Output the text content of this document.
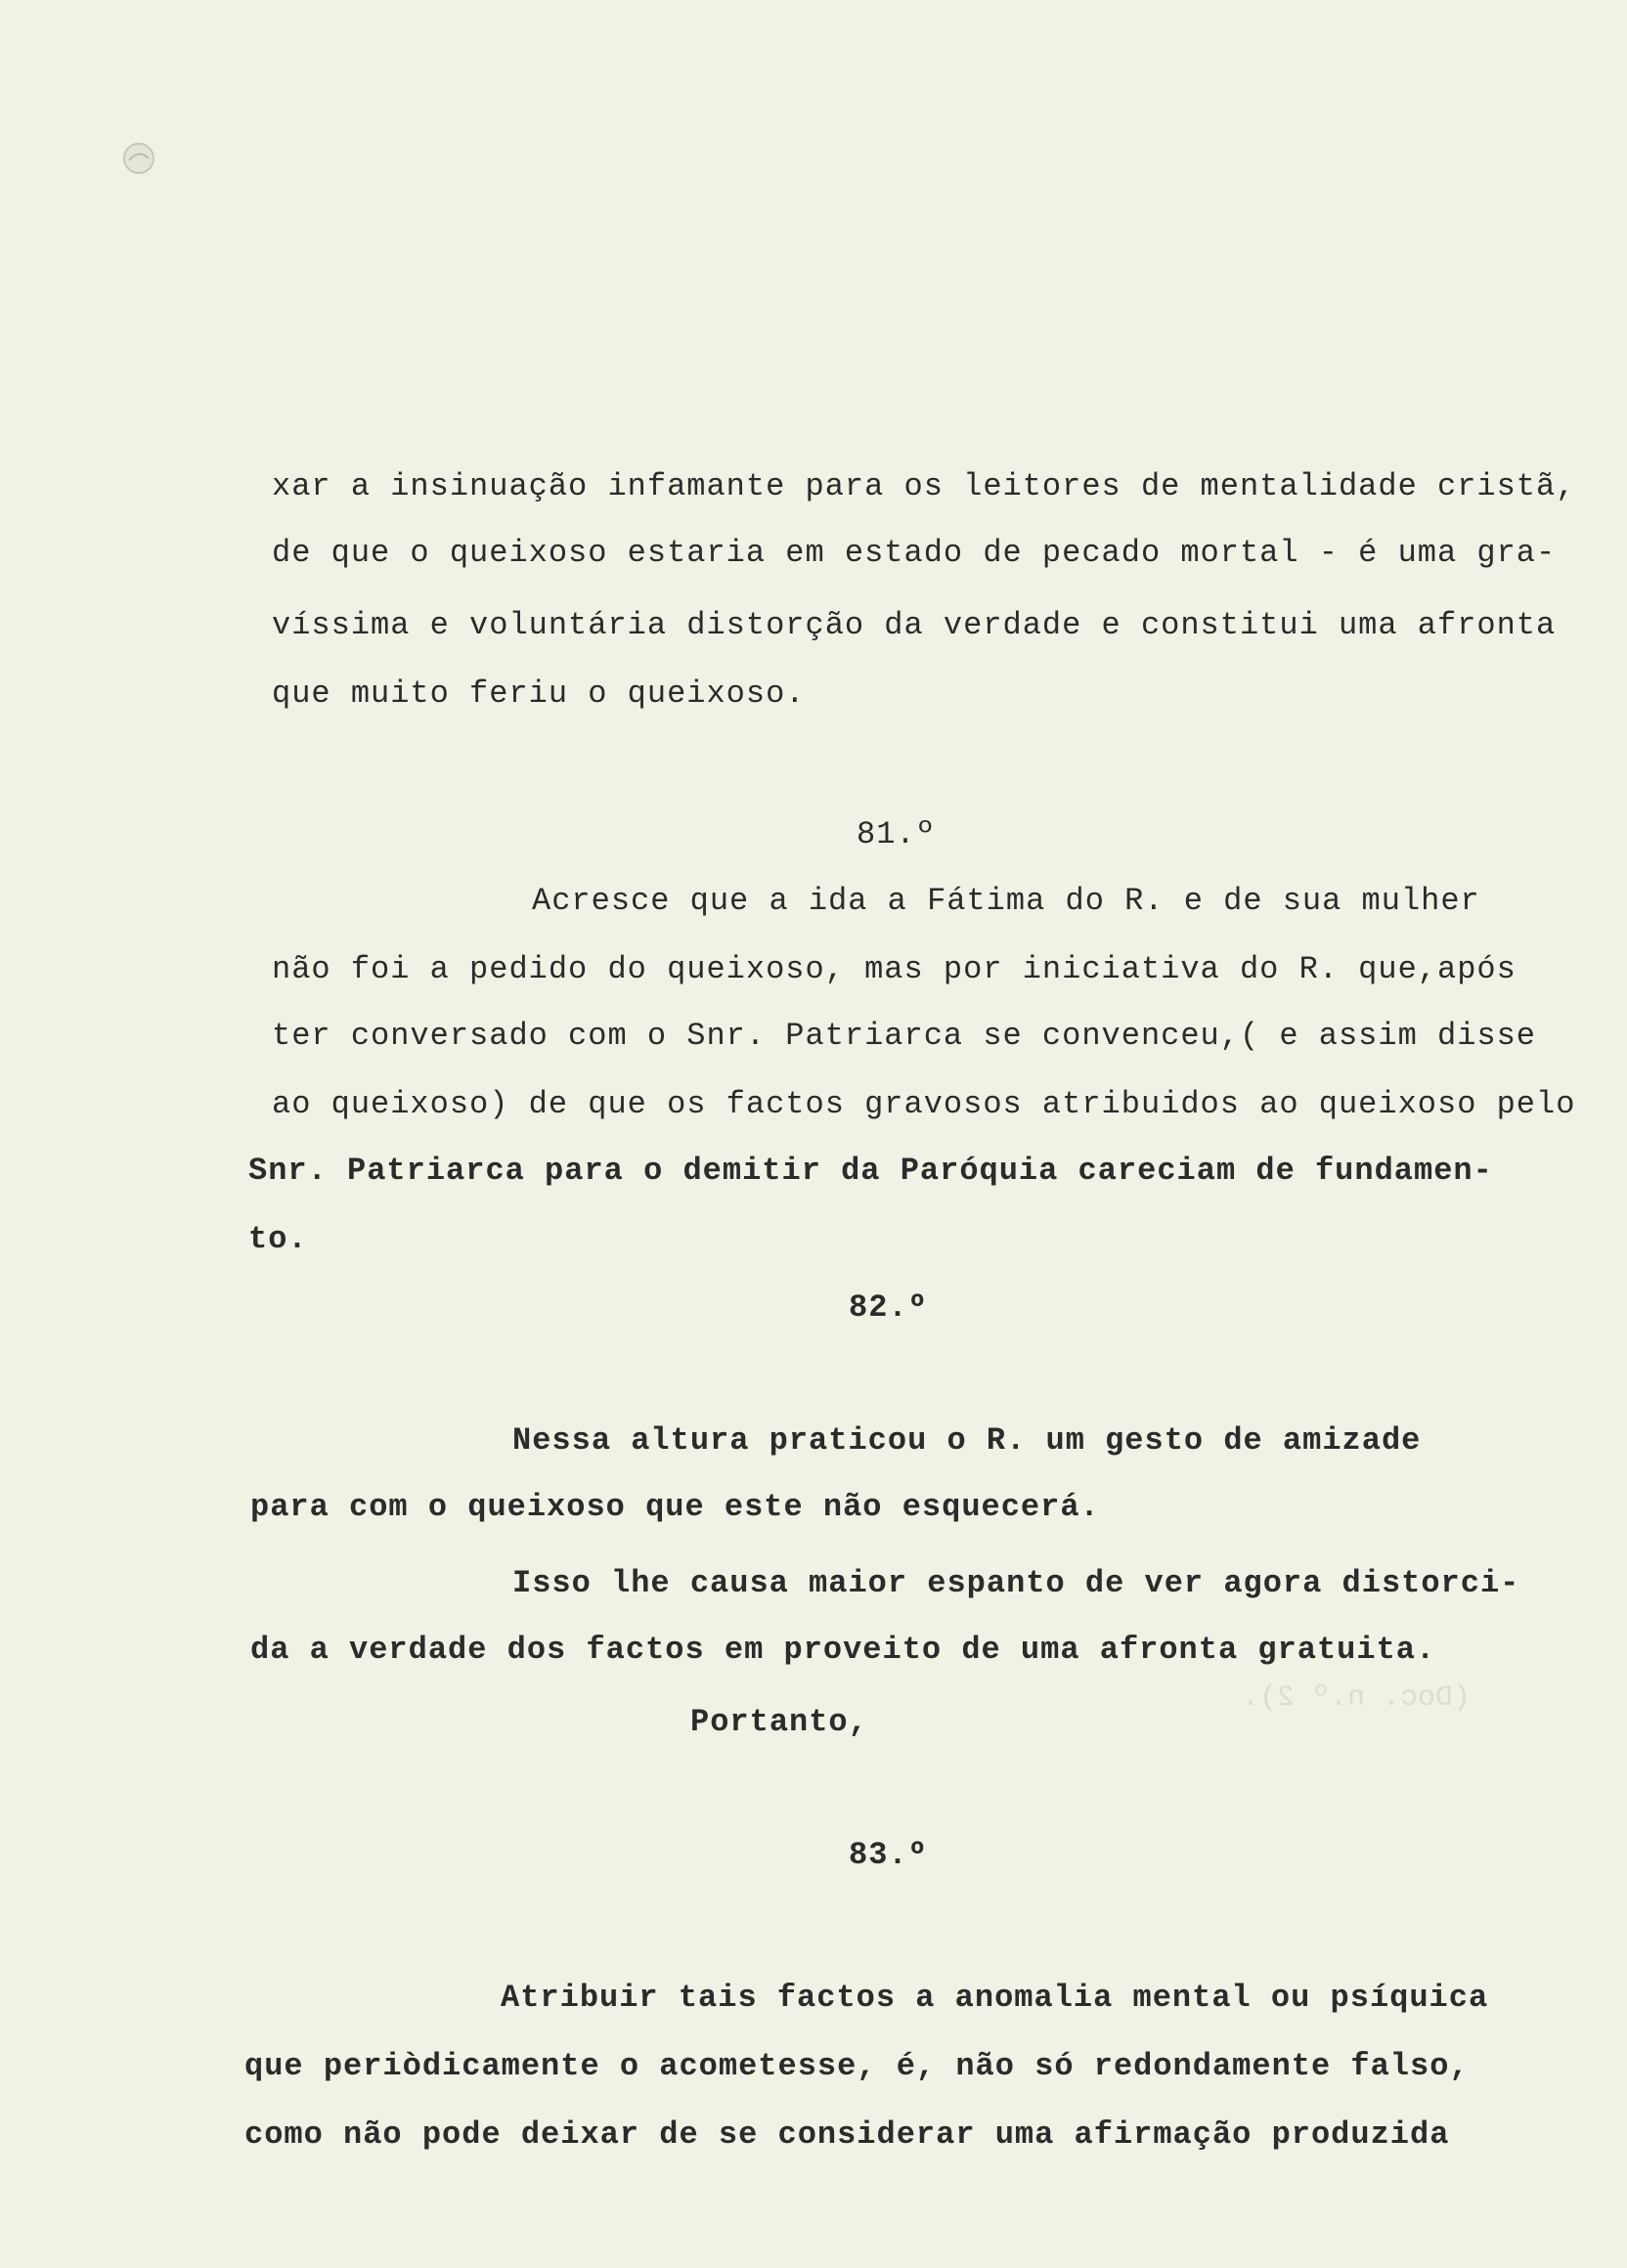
(Doc. n.º 2).
xar a insinuação infamante para os leitores de mentalidade cristã,
de que o queixoso estaria em estado de pecado mortal - é uma gra-
víssima e voluntária distorção da verdade e constitui uma afronta
que muito feriu o queixoso.
81.º
Acresce que a ida a Fátima do R. e de sua mulher
não foi a pedido do queixoso, mas por iniciativa do R. que,após
ter conversado com o Snr. Patriarca se convenceu,( e assim disse
ao queixoso) de que os factos gravosos atribuidos ao queixoso pelo
Snr. Patriarca para o demitir da Paróquia careciam de fundamen-
to.
82.º
Nessa altura praticou o R. um gesto de amizade
para com o queixoso que este não esquecerá.
Isso lhe causa maior espanto de ver agora distorci-
da a verdade dos factos em proveito de uma afronta gratuita.
Portanto,
83.º
Atribuir tais factos a anomalia mental ou psíquica
que periòdicamente o acometesse, é, não só redondamente falso,
como não pode deixar de se considerar uma afirmação produzida
